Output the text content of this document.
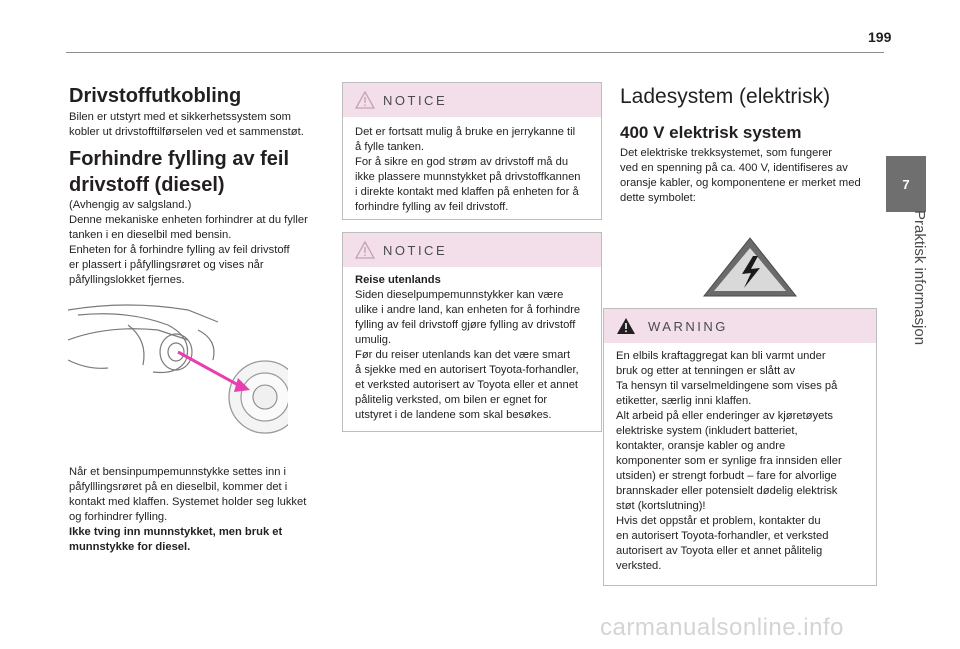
199
7
Praktisk informasjon
Drivstoffutkobling

Bilen er utstyrt med et sikkerhetssystem som kobler ut drivstofftilførselen ved et sammenstøt.

Forhindre fylling av feil
drivstoff (diesel)
(Avhengig av salgsland.)
Denne mekaniske enheten forhindrer at du fyller
tanken i en dieselbil med bensin.
Enheten for å forhindre fylling av feil drivstoff
er plassert i påfyllingsrøret og vises når
påfyllingslokket fjernes.
Når et bensinpumpemunnstykke settes inn i
påfylllingsrøret på en dieselbil, kommer det i
kontakt med klaffen. Systemet holder seg lukket
og forhindrer fylling.
Ikke tving inn munnstykket, men bruk et
munnstykke for diesel.
NOTICE
Det er fortsatt mulig å bruke en jerrykanne til
å fylle tanken.
For å sikre en god strøm av drivstoff må du
ikke plassere munnstykket på drivstoffkannen
i direkte kontakt med klaffen på enheten for å
forhindre fylling av feil drivstoff.
NOTICE
Reise utenlands
Siden dieselpumpemunnstykker kan være
ulike i andre land, kan enheten for å forhindre
fylling av feil drivstoff gjøre fylling av drivstoff
umulig.
Før du reiser utenlands kan det være smart
å sjekke med en autorisert Toyota-forhandler,
et verksted autorisert av Toyota eller et annet
pålitelig verksted, om bilen er egnet for
utstyret i de landene som skal besøkes.
Ladesystem (elektrisk)
400 V elektrisk system
Det elektriske trekksystemet, som fungerer
ved en spenning på ca. 400 V, identifiseres av
oransje kabler, og komponentene er merket med
dette symbolet:
WARNING
En elbils kraftaggregat kan bli varmt under
bruk og etter at tenningen er slått av
Ta hensyn til varselmeldingene som vises på
etiketter, særlig inni klaffen.
Alt arbeid på eller enderinger av kjøretøyets
elektriske system (inkludert batteriet,
kontakter, oransje kabler og andre
komponenter som er synlige fra innsiden eller
utsiden) er strengt forbudt – fare for alvorlige
brannskader eller potensielt dødelig elektrisk
støt (kortslutning)!
Hvis det oppstår et problem, kontakter du
en autorisert Toyota-forhandler, et verksted
autorisert av Toyota eller et annet pålitelig
verksted.
carmanualsonline.info
